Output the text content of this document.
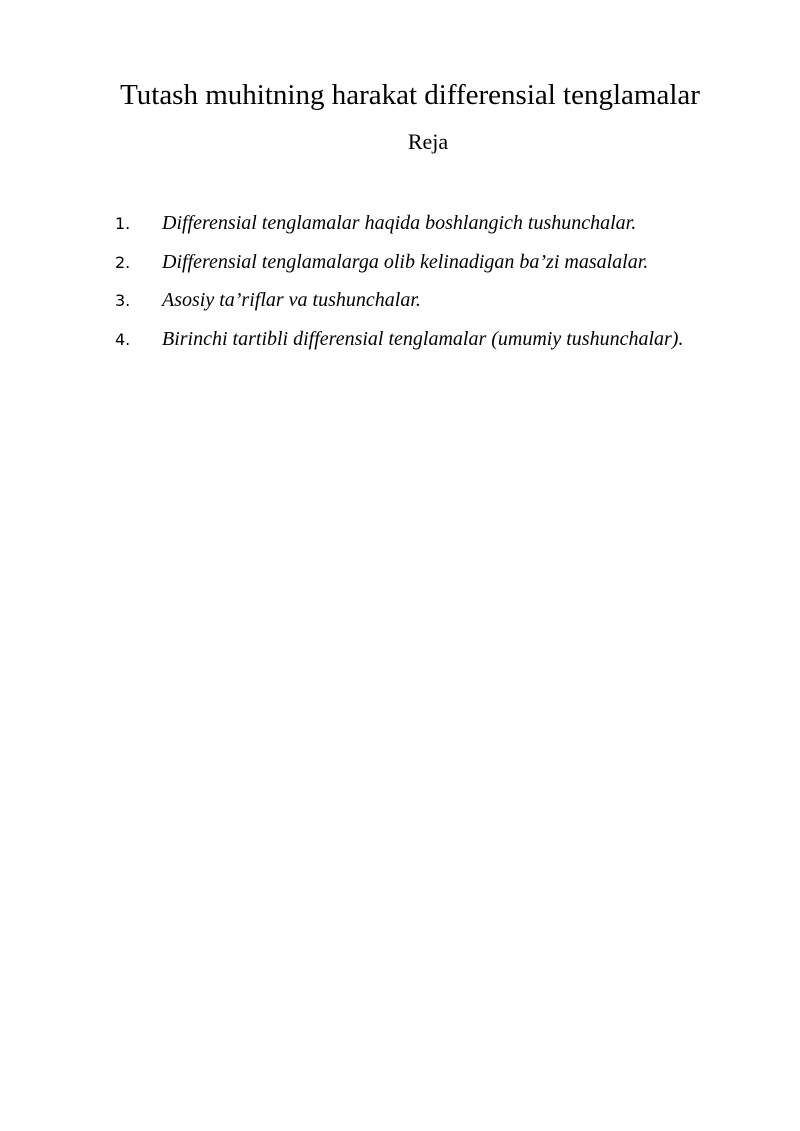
Tutash muhitning harakat differensial tenglamalar
Reja
1. Differensial tenglamalar haqida boshlangich tushunchalar.
2. Differensial tenglamalarga olib kelinadigan ba’zi masalalar.
3. Asosiy ta’riflar va tushunchalar.
4. Birinchi tartibli differensial tenglamalar (umumiy tushunchalar).
